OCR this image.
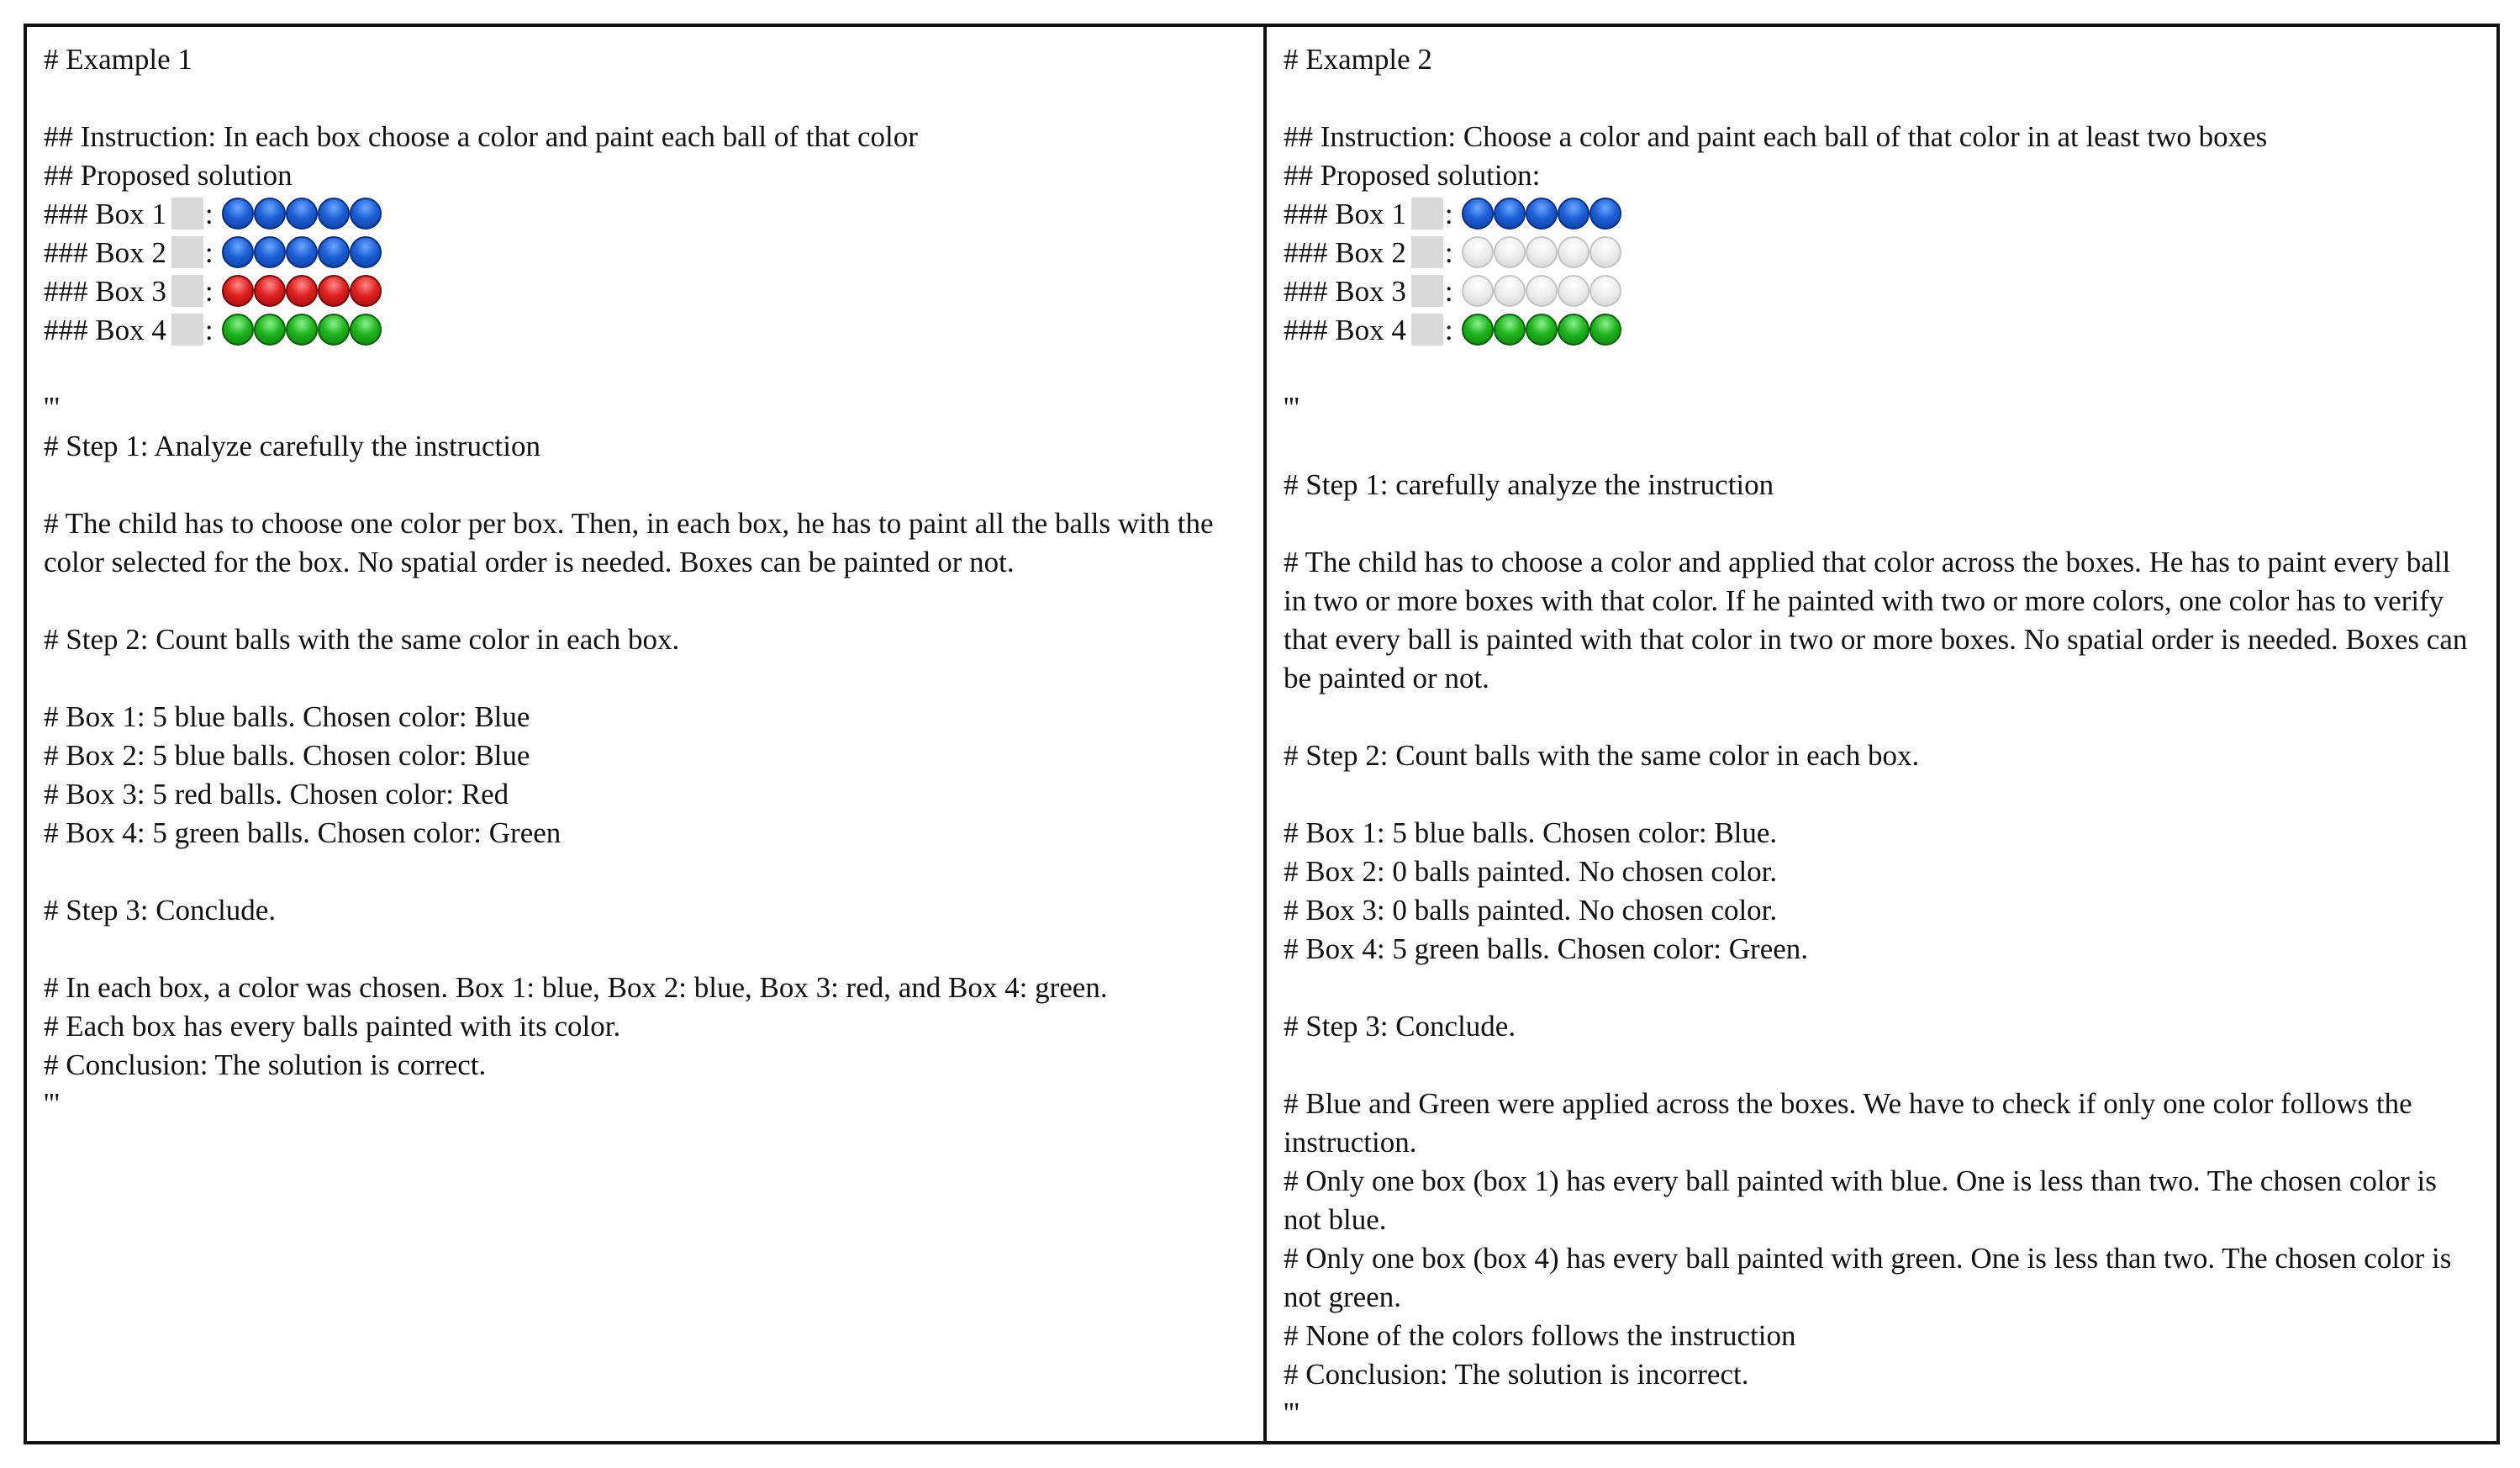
# Example 1
## Instruction: In each box choose a color and paint each ball of that color
## Proposed solution
### Box 1 :
### Box 2 :
### Box 3 :
### Box 4 :
'''
# Step 1: Analyze carefully the instruction
# The child has to choose one color per box. Then, in each box, he has to paint all the balls with the color selected for the box. No spatial order is needed. Boxes can be painted or not.
# Step 2: Count balls with the same color in each box.
# Box 1: 5 blue balls. Chosen color: Blue
# Box 2: 5 blue balls. Chosen color: Blue
# Box 3: 5 red balls. Chosen color: Red
# Box 4: 5 green balls. Chosen color: Green
# Step 3: Conclude.
# In each box, a color was chosen. Box 1: blue, Box 2: blue, Box 3: red, and Box 4: green.
# Each box has every balls painted with its color.
# Conclusion: The solution is correct.
'''
# Example 2
## Instruction: Choose a color and paint each ball of that color in at least two boxes
## Proposed solution:
### Box 1 :
### Box 2 :
### Box 3 :
### Box 4 :
'''
# Step 1: carefully analyze the instruction
# The child has to choose a color and applied that color across the boxes. He has to paint every ball in two or more boxes with that color. If he painted with two or more colors, one color has to verify that every ball is painted with that color in two or more boxes. No spatial order is needed. Boxes can be painted or not.
# Step 2: Count balls with the same color in each box.
# Box 1: 5 blue balls. Chosen color: Blue.
# Box 2: 0 balls painted. No chosen color.
# Box 3: 0 balls painted. No chosen color.
# Box 4: 5 green balls. Chosen color: Green.
# Step 3: Conclude.
# Blue and Green were applied across the boxes. We have to check if only one color follows the instruction.
# Only one box (box 1) has every ball painted with blue. One is less than two. The chosen color is not blue.
# Only one box (box 4) has every ball painted with green. One is less than two. The chosen color is not green.
# None of the colors follows the instruction
# Conclusion: The solution is incorrect.
'''
